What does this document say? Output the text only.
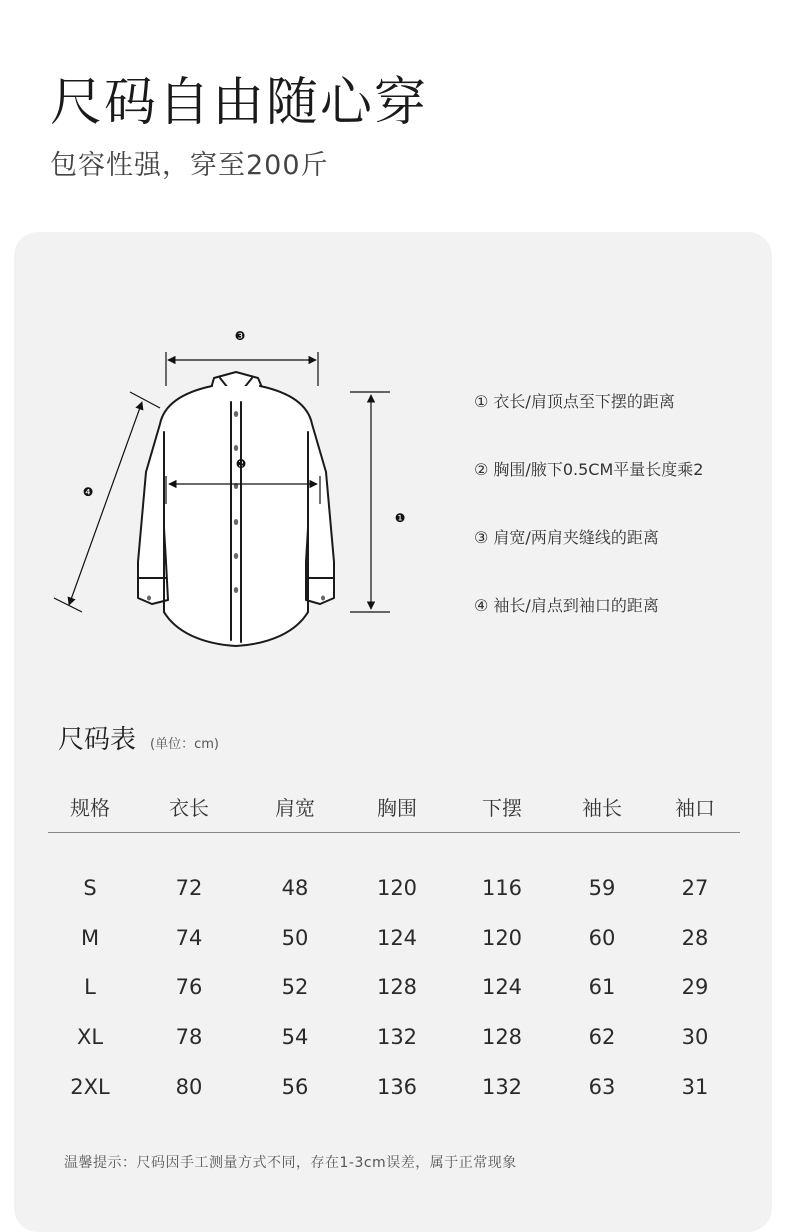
尺码自由随心穿

包容性强，穿至200斤

❸
❷
❶
❹
① 衣长/肩顶点至下摆的距离
② 胸围/腋下0.5CM平量长度乘2
③ 肩宽/两肩夹缝线的距离
④ 袖长/肩点到袖口的距离
尺码表 (单位：cm)
规格	衣长	肩宽	胸围	下摆	袖长	袖口
S	72	48	120	116	59	27
M	74	50	124	120	60	28
L	76	52	128	124	61	29
XL	78	54	132	128	62	30
2XL	80	56	136	132	63	31
温馨提示：尺码因手工测量方式不同，存在1-3cm误差，属于正常现象
